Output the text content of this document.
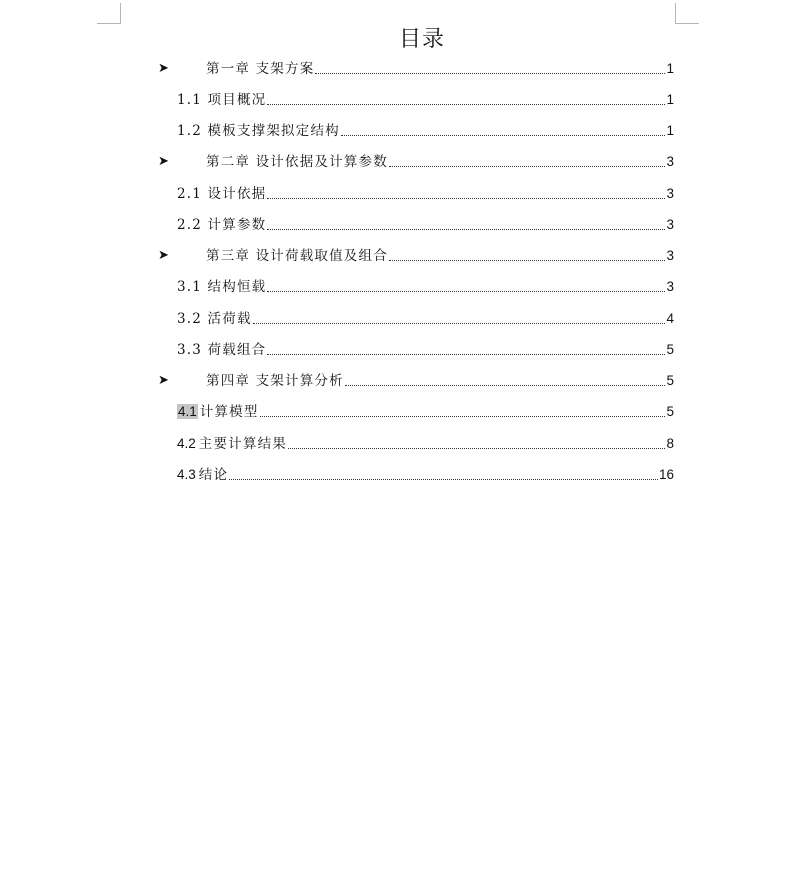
目录
➤	第一章 支架方案	1
1.1 项目概况	1
1.2 模板支撑架拟定结构	1
➤	第二章 设计依据及计算参数	3
2.1 设计依据	3
2.2 计算参数	3
➤	第三章 设计荷载取值及组合	3
3.1 结构恒载	3
3.2 活荷载	4
3.3 荷载组合	5
➤	第四章 支架计算分析	5
4.1 计算模型	5
4.2 主要计算结果	8
4.3 结论	16
